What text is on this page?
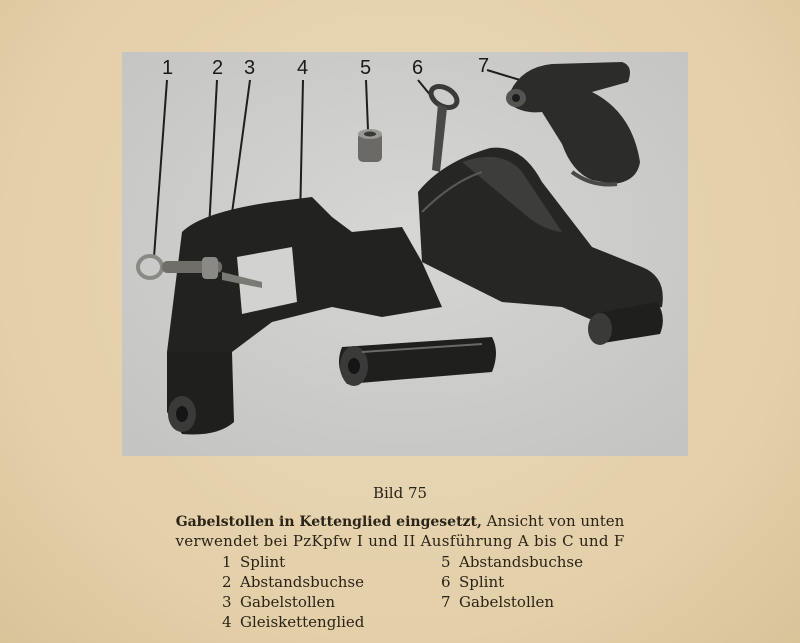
1 2 3 4	5 6	7
Bild 75
Gabelstollen in Kettenglied eingesetzt, Ansicht von unten
verwendet bei PzKpfw I und II Ausführung A bis C und F
1 Splint
2 Abstandsbuchse
3 Gabelstollen
4 Gleiskettenglied
5 Abstandsbuchse
6 Splint
7 Gabelstollen
